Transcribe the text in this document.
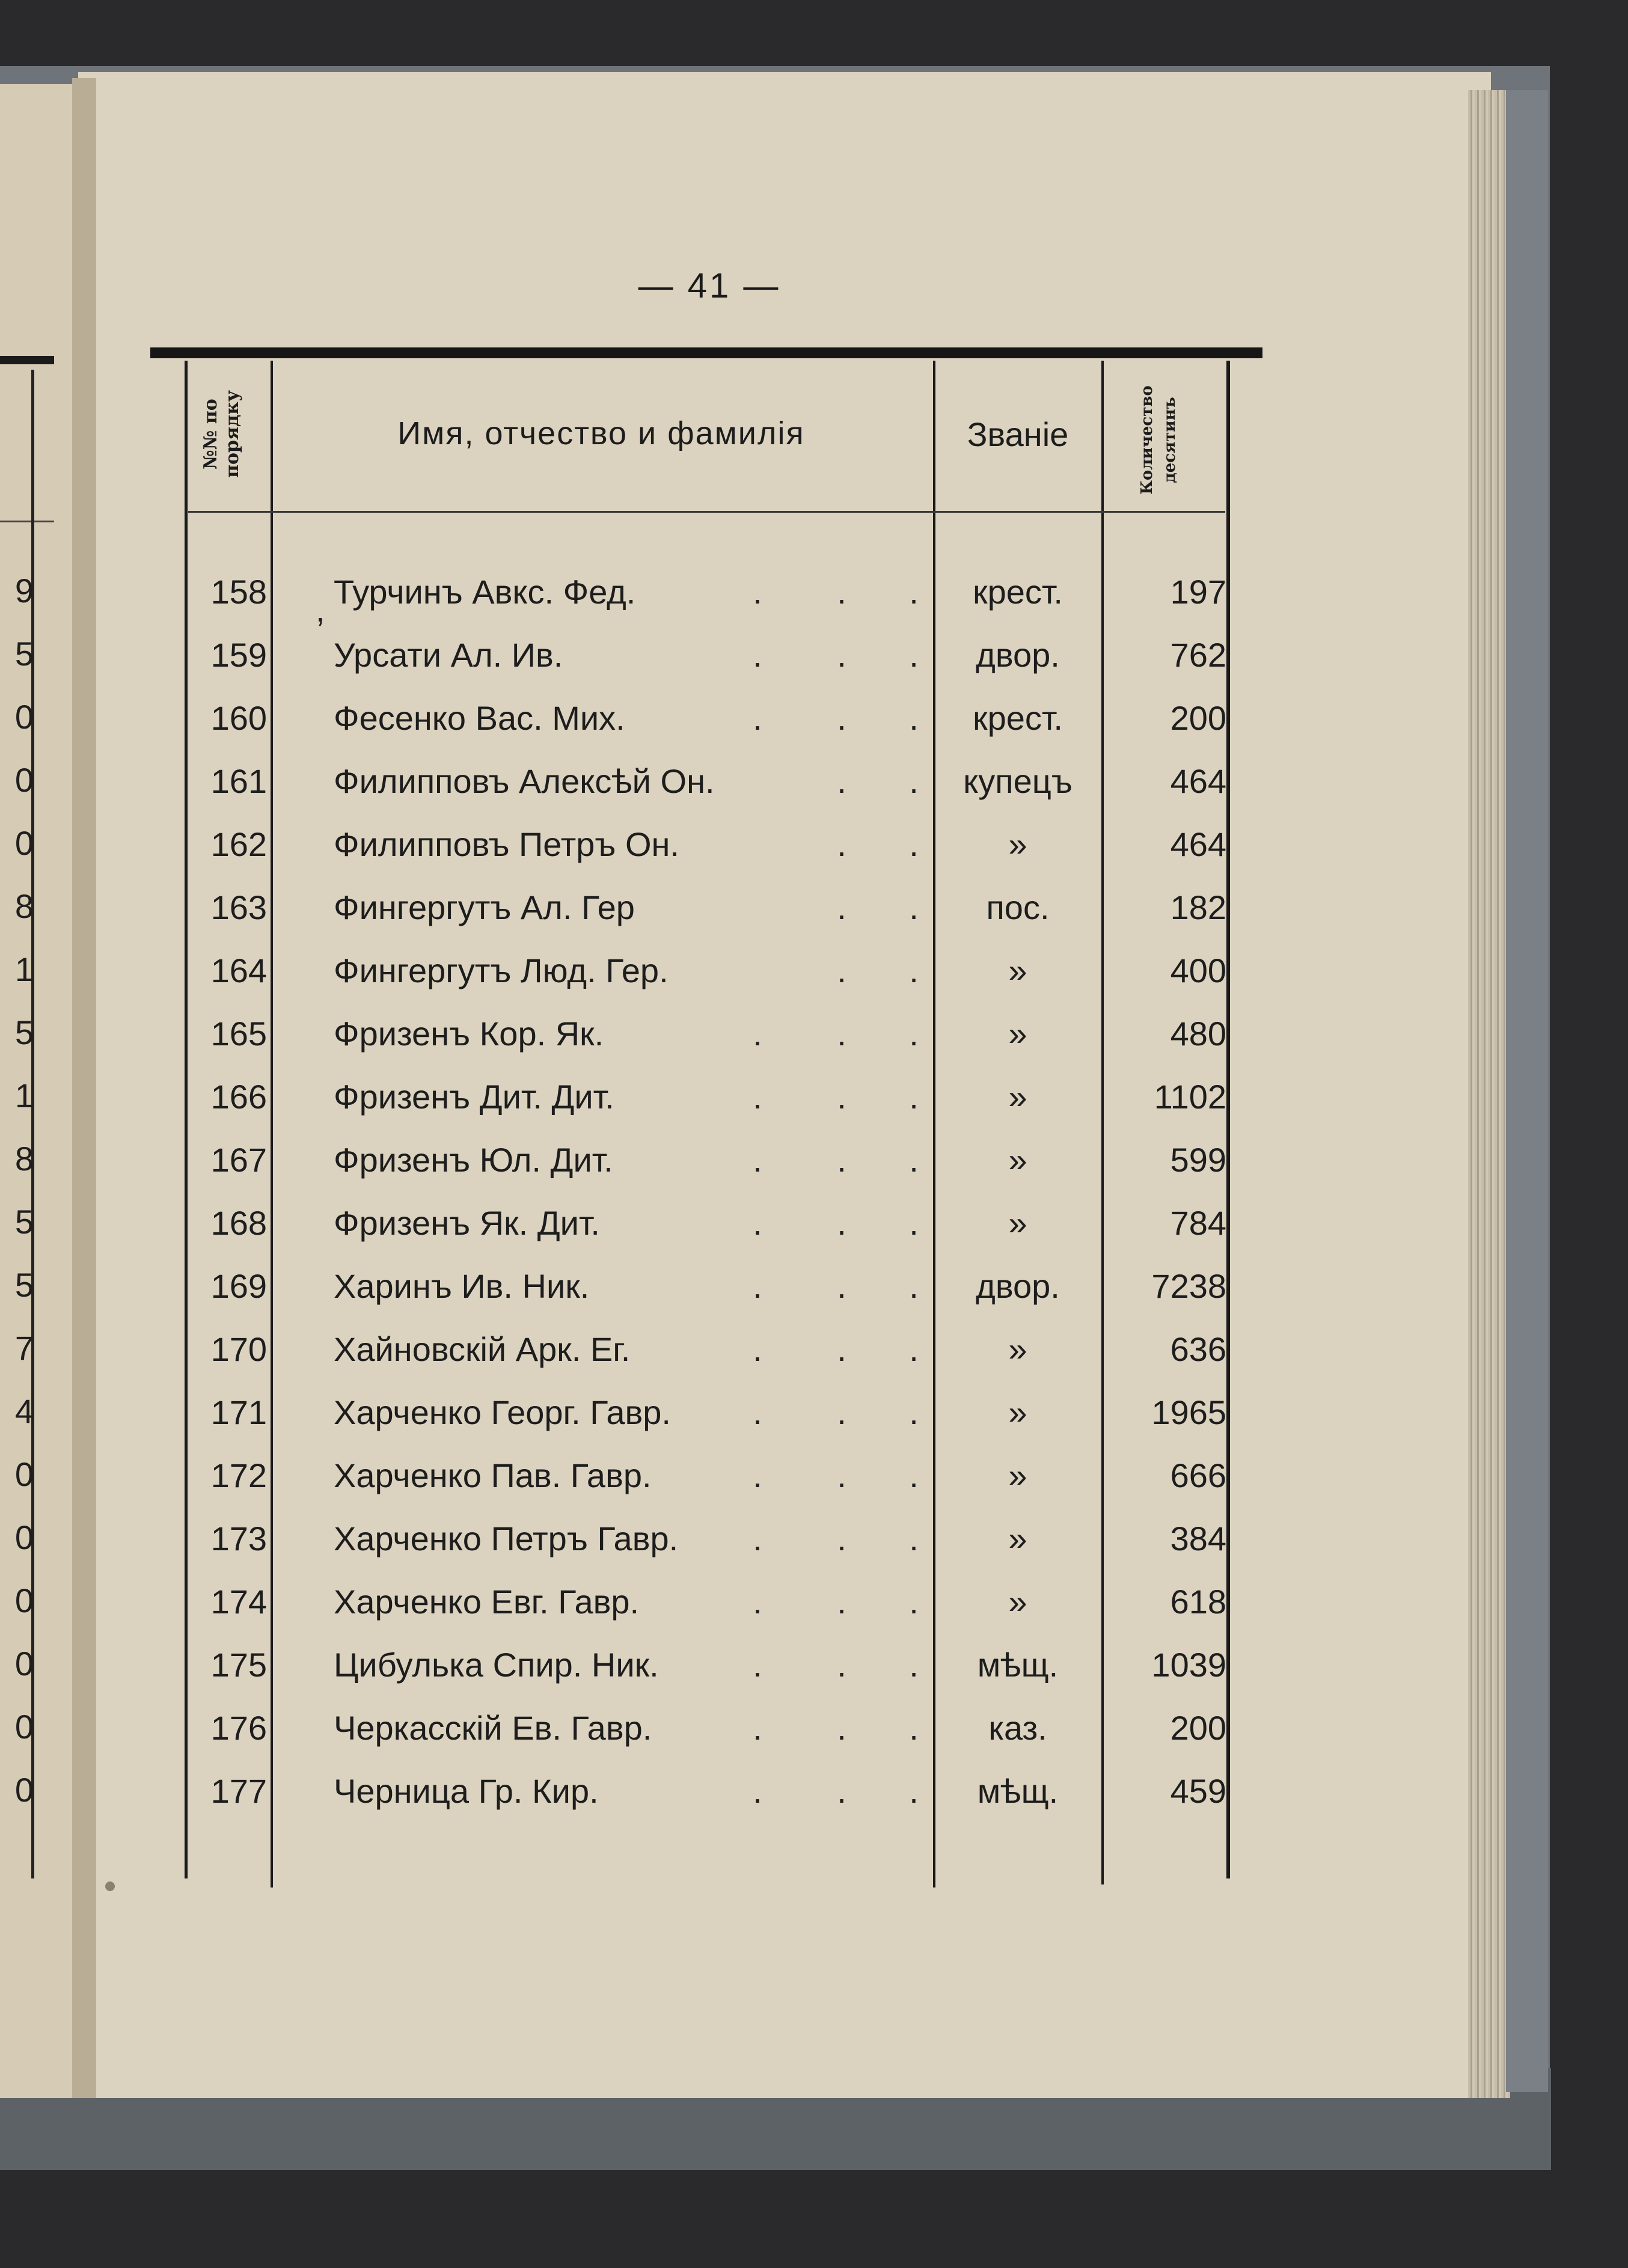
9
5
0
0
0
8
1
5
1
8
5
5
7
4
0
0
0
0
0
0
— 41 —
№№ по порядку	Имя, отчество и фамилія	Званіе	Количество десятинъ
,
158 Турчинъ Авкс. Фед.	. . .	крест.	197
159 Урсати Ал. Ив.	. . .	двор.	762
160 Фесенко Вас. Мих.	. . .	крест.	200
161 Филипповъ Алексѣй Он.	. .	купецъ	464
162 Филипповъ Петръ Он.	. .	»	464
163 Фингергутъ Ал. Гер	. .	пос.	182
164 Фингергутъ Люд. Гер.	. .	»	400
165 Фризенъ Кор. Як.	. . .	»	480
166 Фризенъ Дит. Дит.	. . .	»	1102
167 Фризенъ Юл. Дит.	. . .	»	599
168 Фризенъ Як. Дит.	. . .	»	784
169 Харинъ Ив. Ник.	. . .	двор.	7238
170 Хайновскій Арк. Ег.	. . .	»	636
171 Харченко Георг. Гавр.	. . .	»	1965
172 Харченко Пав. Гавр.	. . .	»	666
173 Харченко Петръ Гавр.	. . .	»	384
174 Харченко Евг. Гавр.	. . .	»	618
175 Цибулька Спир. Ник.	. . .	мѣщ.	1039
176 Черкасскій Ев. Гавр.	. . .	каз.	200
177 Черница Гр. Кир.	. . .	мѣщ.	459
